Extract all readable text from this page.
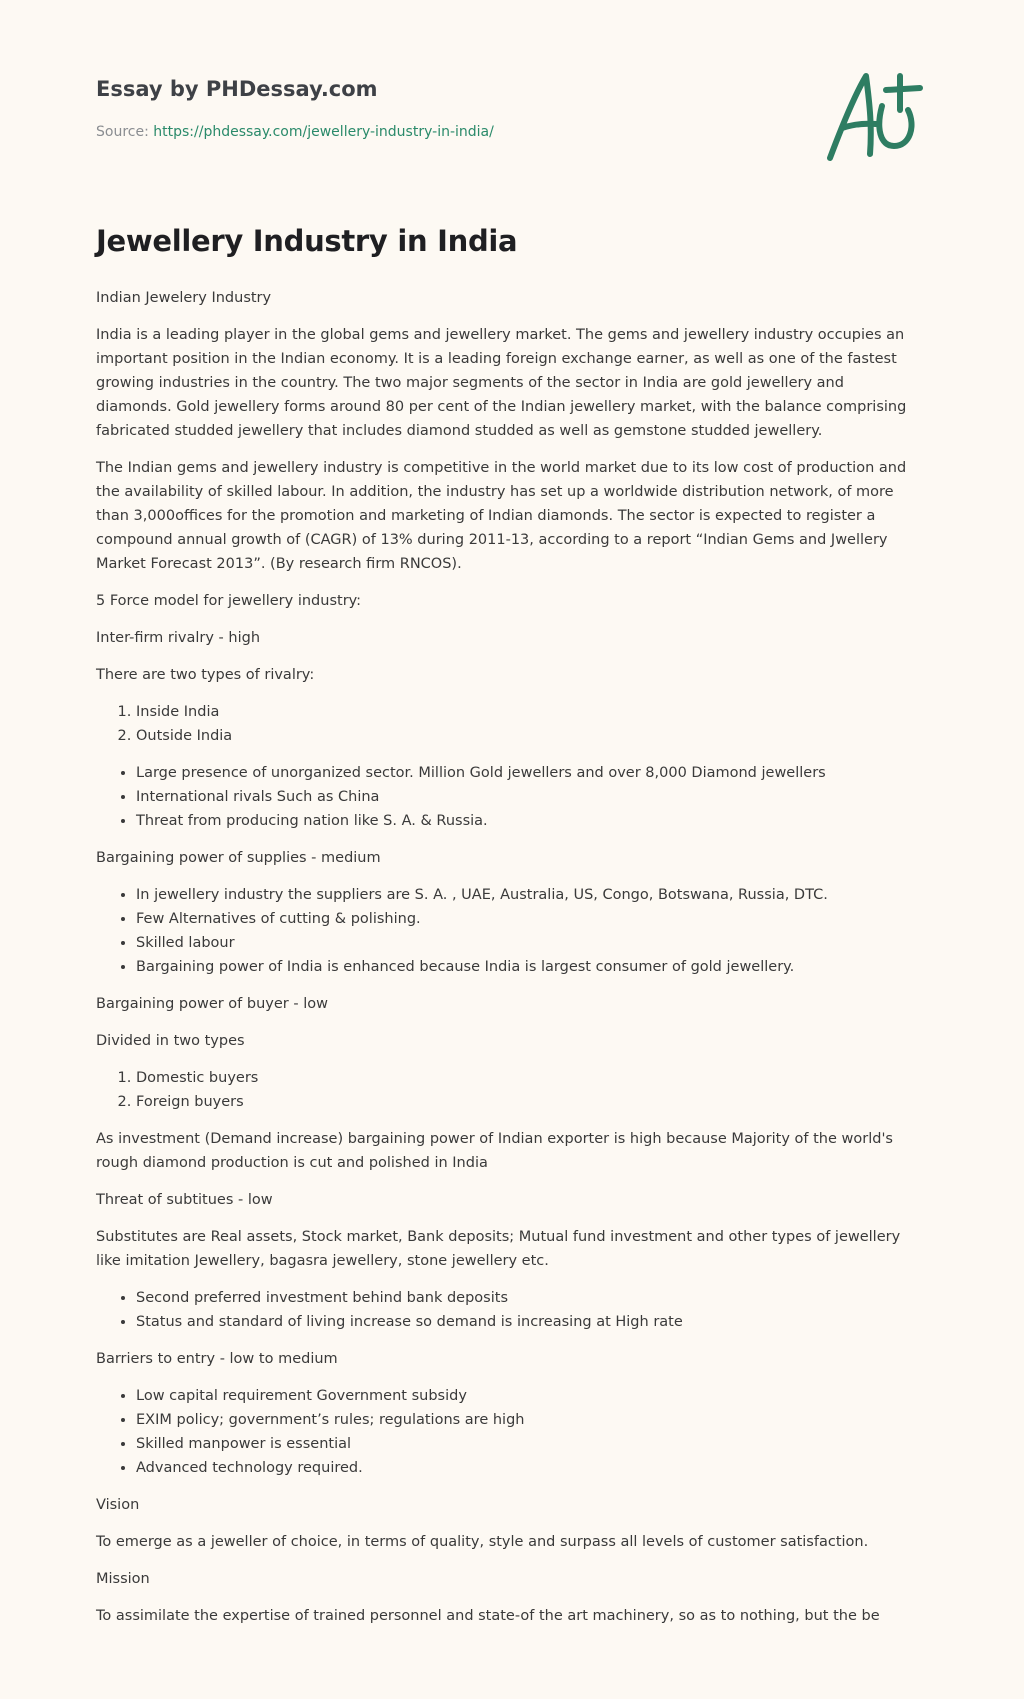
Essay by PHDessay.com
Source: https://phdessay.com/jewellery-industry-in-india/
Jewellery Industry in India

Indian Jewelery Industry

India is a leading player in the global gems and jewellery market. The gems and jewellery industry occupies an important position in the Indian economy. It is a leading foreign exchange earner, as well as one of the fastest growing industries in the country. The two major segments of the sector in India are gold jewellery and diamonds. Gold jewellery forms around 80 per cent of the Indian jewellery market, with the balance comprising fabricated studded jewellery that includes diamond studded as well as gemstone studded jewellery.

The Indian gems and jewellery industry is competitive in the world market due to its low cost of production and the availability of skilled labour. In addition, the industry has set up a worldwide distribution network, of more than 3,000offices for the promotion and marketing of Indian diamonds. The sector is expected to register a compound annual growth of (CAGR) of 13% during 2011-13, according to a report “Indian Gems and Jwellery Market Forecast 2013”. (By research firm RNCOS).

5 Force model for jewellery industry:

Inter-firm rivalry - high

There are two types of rivalry:

1. Inside India
2. Outside India
• Large presence of unorganized sector. Million Gold jewellers and over 8,000 Diamond jewellers
• International rivals Such as China
• Threat from producing nation like S. A. & Russia.

Bargaining power of supplies - medium

• In jewellery industry the suppliers are S. A. , UAE, Australia, US, Congo, Botswana, Russia, DTC.
• Few Alternatives of cutting & polishing.
• Skilled labour
• Bargaining power of India is enhanced because India is largest consumer of gold jewellery.

Bargaining power of buyer - low

Divided in two types

1. Domestic buyers
2. Foreign buyers

As investment (Demand increase) bargaining power of Indian exporter is high because Majority of the world's rough diamond production is cut and polished in India

Threat of subtitues - low

Substitutes are Real assets, Stock market, Bank deposits; Mutual fund investment and other types of jewellery like imitation Jewellery, bagasra jewellery, stone jewellery etc.

• Second preferred investment behind bank deposits
• Status and standard of living increase so demand is increasing at High rate

Barriers to entry - low to medium

• Low capital requirement Government subsidy
• EXIM policy; government’s rules; regulations are high
• Skilled manpower is essential
• Advanced technology required.

Vision

To emerge as a jeweller of choice, in terms of quality, style and surpass all levels of customer satisfaction.

Mission

To assimilate the expertise of trained personnel and state-of the art machinery, so as to nothing, but the be
